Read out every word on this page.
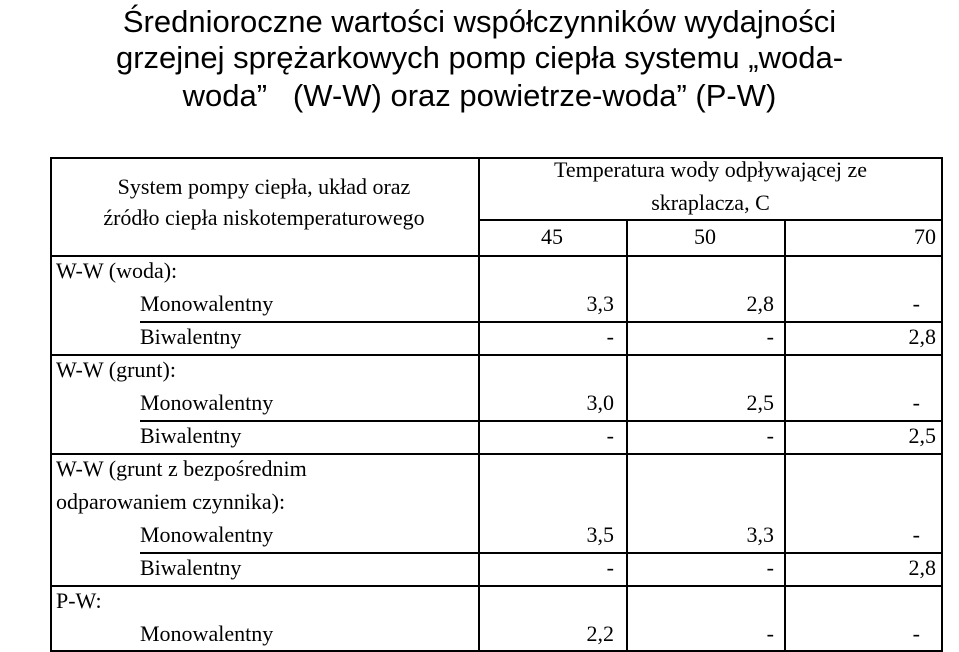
Średnioroczne wartości współczynników wydajności
grzejnej sprężarkowych pomp ciepła systemu „woda-
woda”   (W-W) oraz powietrze-woda” (P-W)
System pompy ciepła, układ oraz
źródło ciepła niskotemperaturowego
Temperatura wody odpływającej ze
skraplacza, C
45	50	70
W-W (woda):
Monowalentny	3,3	2,8	-
Biwalentny	-	-	2,8
W-W (grunt):
Monowalentny	3,0	2,5	-
Biwalentny	-	-	2,5
W-W (grunt z bezpośrednim
odparowaniem czynnika):
Monowalentny	3,5	3,3	-
Biwalentny	-	-	2,8
P-W:
Monowalentny	2,2	-	-
